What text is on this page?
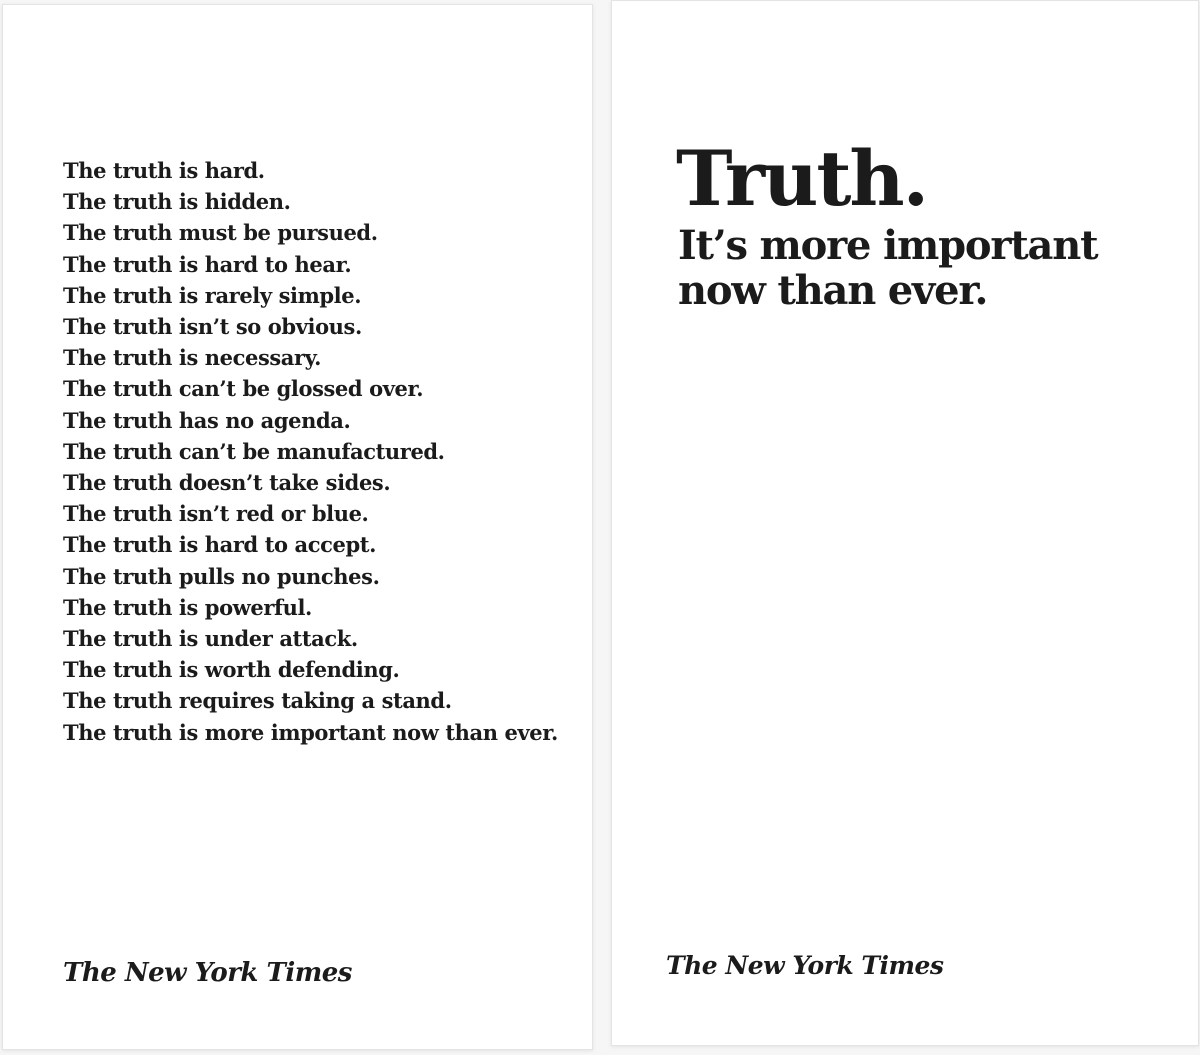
The truth is hard.
The truth is hidden.
The truth must be pursued.
The truth is hard to hear.
The truth is rarely simple.
The truth isn’t so obvious.
The truth is necessary.
The truth can’t be glossed over.
The truth has no agenda.
The truth can’t be manufactured.
The truth doesn’t take sides.
The truth isn’t red or blue.
The truth is hard to accept.
The truth pulls no punches.
The truth is powerful.
The truth is under attack.
The truth is worth defending.
The truth requires taking a stand.
The truth is more important now than ever.
The New York Times
Truth.
It’s more important
now than ever.
The New York Times
